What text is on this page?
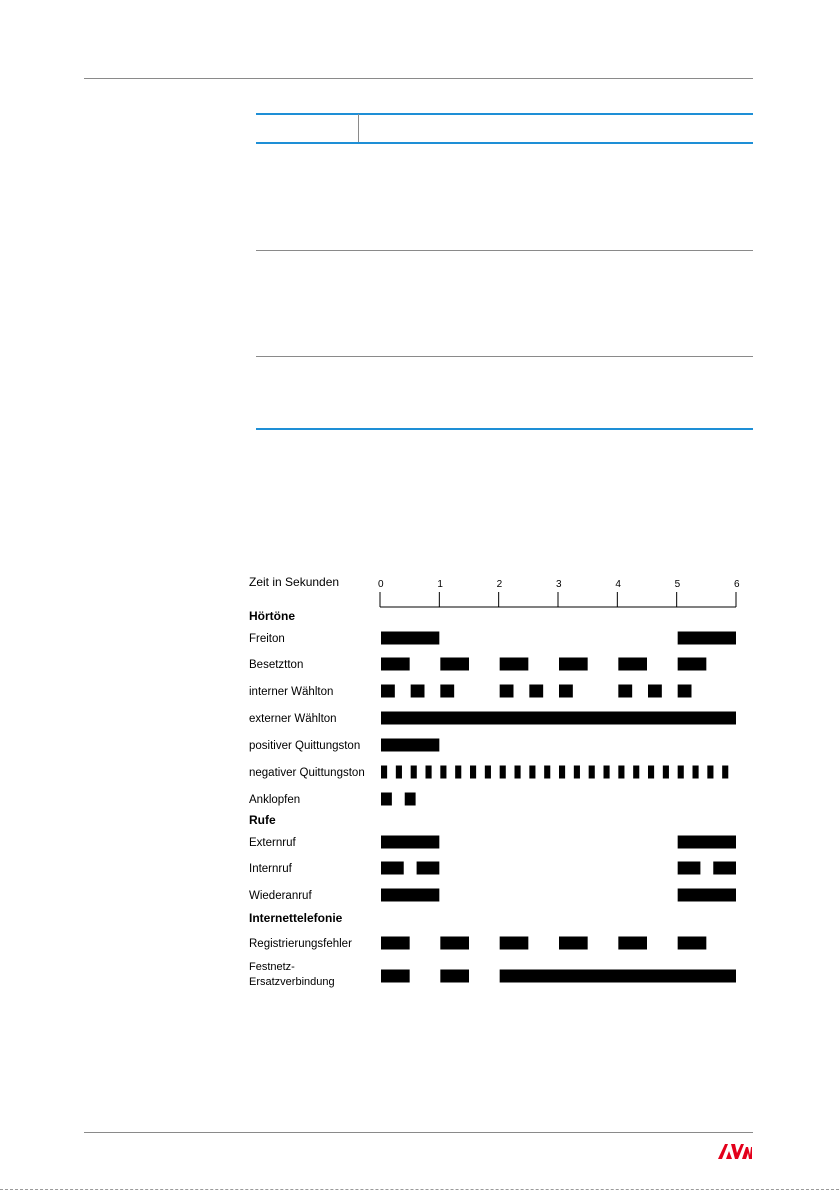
Zeit in Sekunden	0	1	2	3	4	5	6
Hörtöne
Freiton
Besetztton
interner Wählton
externer Wählton
positiver Quittungston
negativer Quittungston
Anklopfen
Rufe
Externruf
Internruf
Wiederanruf
Internettelefonie
Registrierungsfehler
Festnetz-Ersatzverbindung
